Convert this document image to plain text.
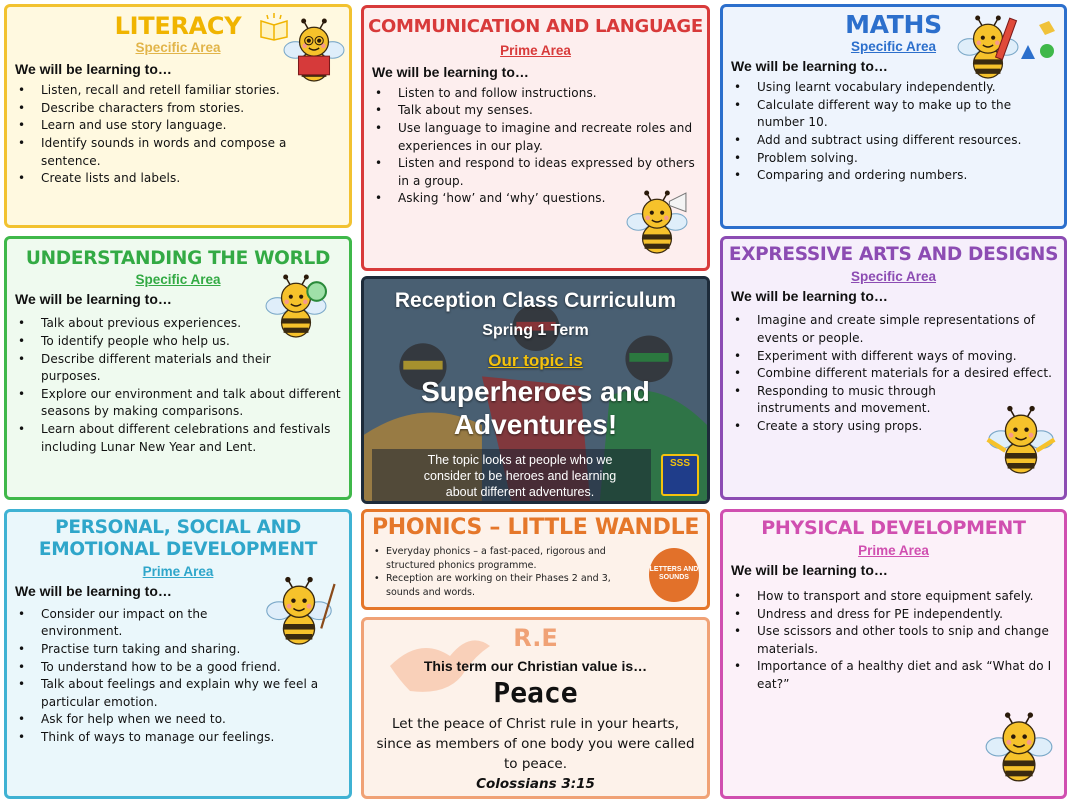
LITERACY
Specific Area
We will be learning to…
• Listen, recall and retell familiar stories.
• Describe characters from stories.
• Learn and use story language.
• Identify sounds in words and compose a sentence.
• Create lists and labels.
COMMUNICATION AND LANGUAGE
Prime Area
We will be learning to…
• Listen to and follow instructions.
• Talk about my senses.
• Use language to imagine and recreate roles and experiences in our play.
• Listen and respond to ideas expressed by others in a group.
• Asking ‘how’ and ‘why’ questions.
MATHS
Specific Area
We will be learning to…
• Using learnt vocabulary independently.
• Calculate different way to make up to the number 10.
• Add and subtract using different resources.
• Problem solving.
• Comparing and ordering numbers.
UNDERSTANDING THE WORLD
Specific Area
We will be learning to…
• Talk about previous experiences.
• To identify people who help us.
• Describe different materials and their purposes.
• Explore our environment and talk about different seasons by making comparisons.
• Learn about different celebrations and festivals including Lunar New Year and Lent.
Reception Class Curriculum
Spring 1 Term
Our topic is
Superheroes and
Adventures!
The topic looks at people who we consider to be heroes and learning about different adventures.
SSS
EXPRESSIVE ARTS AND DESIGNS
Specific Area
We will be learning to…
• Imagine and create simple representations of events or people.
• Experiment with different ways of moving.
• Combine different materials for a desired effect.
• Responding to music through instruments and movement.
• Create a story using props.
PERSONAL, SOCIAL AND
EMOTIONAL DEVELOPMENT
Prime Area
We will be learning to…
• Consider our impact on the environment.
• Practise turn taking and sharing.
• To understand how to be a good friend.
• Talk about feelings and explain why we feel a particular emotion.
• Ask for help when we need to.
• Think of ways to manage our feelings.
PHONICS – LITTLE WANDLE
• Everyday phonics – a fast-paced, rigorous and structured phonics programme.
• Reception are working on their Phases 2 and 3, sounds and words.
LETTERS AND SOUNDS
R.E
This term our Christian value is…
Peace
Let the peace of Christ rule in your hearts, since as members of one body you were called to peace.
Colossians 3:15
PHYSICAL DEVELOPMENT
Prime Area
We will be learning to…
• How to transport and store equipment safely.
• Undress and dress for PE independently.
• Use scissors and other tools to snip and change materials.
• Importance of a healthy diet and ask “What do I eat?”
